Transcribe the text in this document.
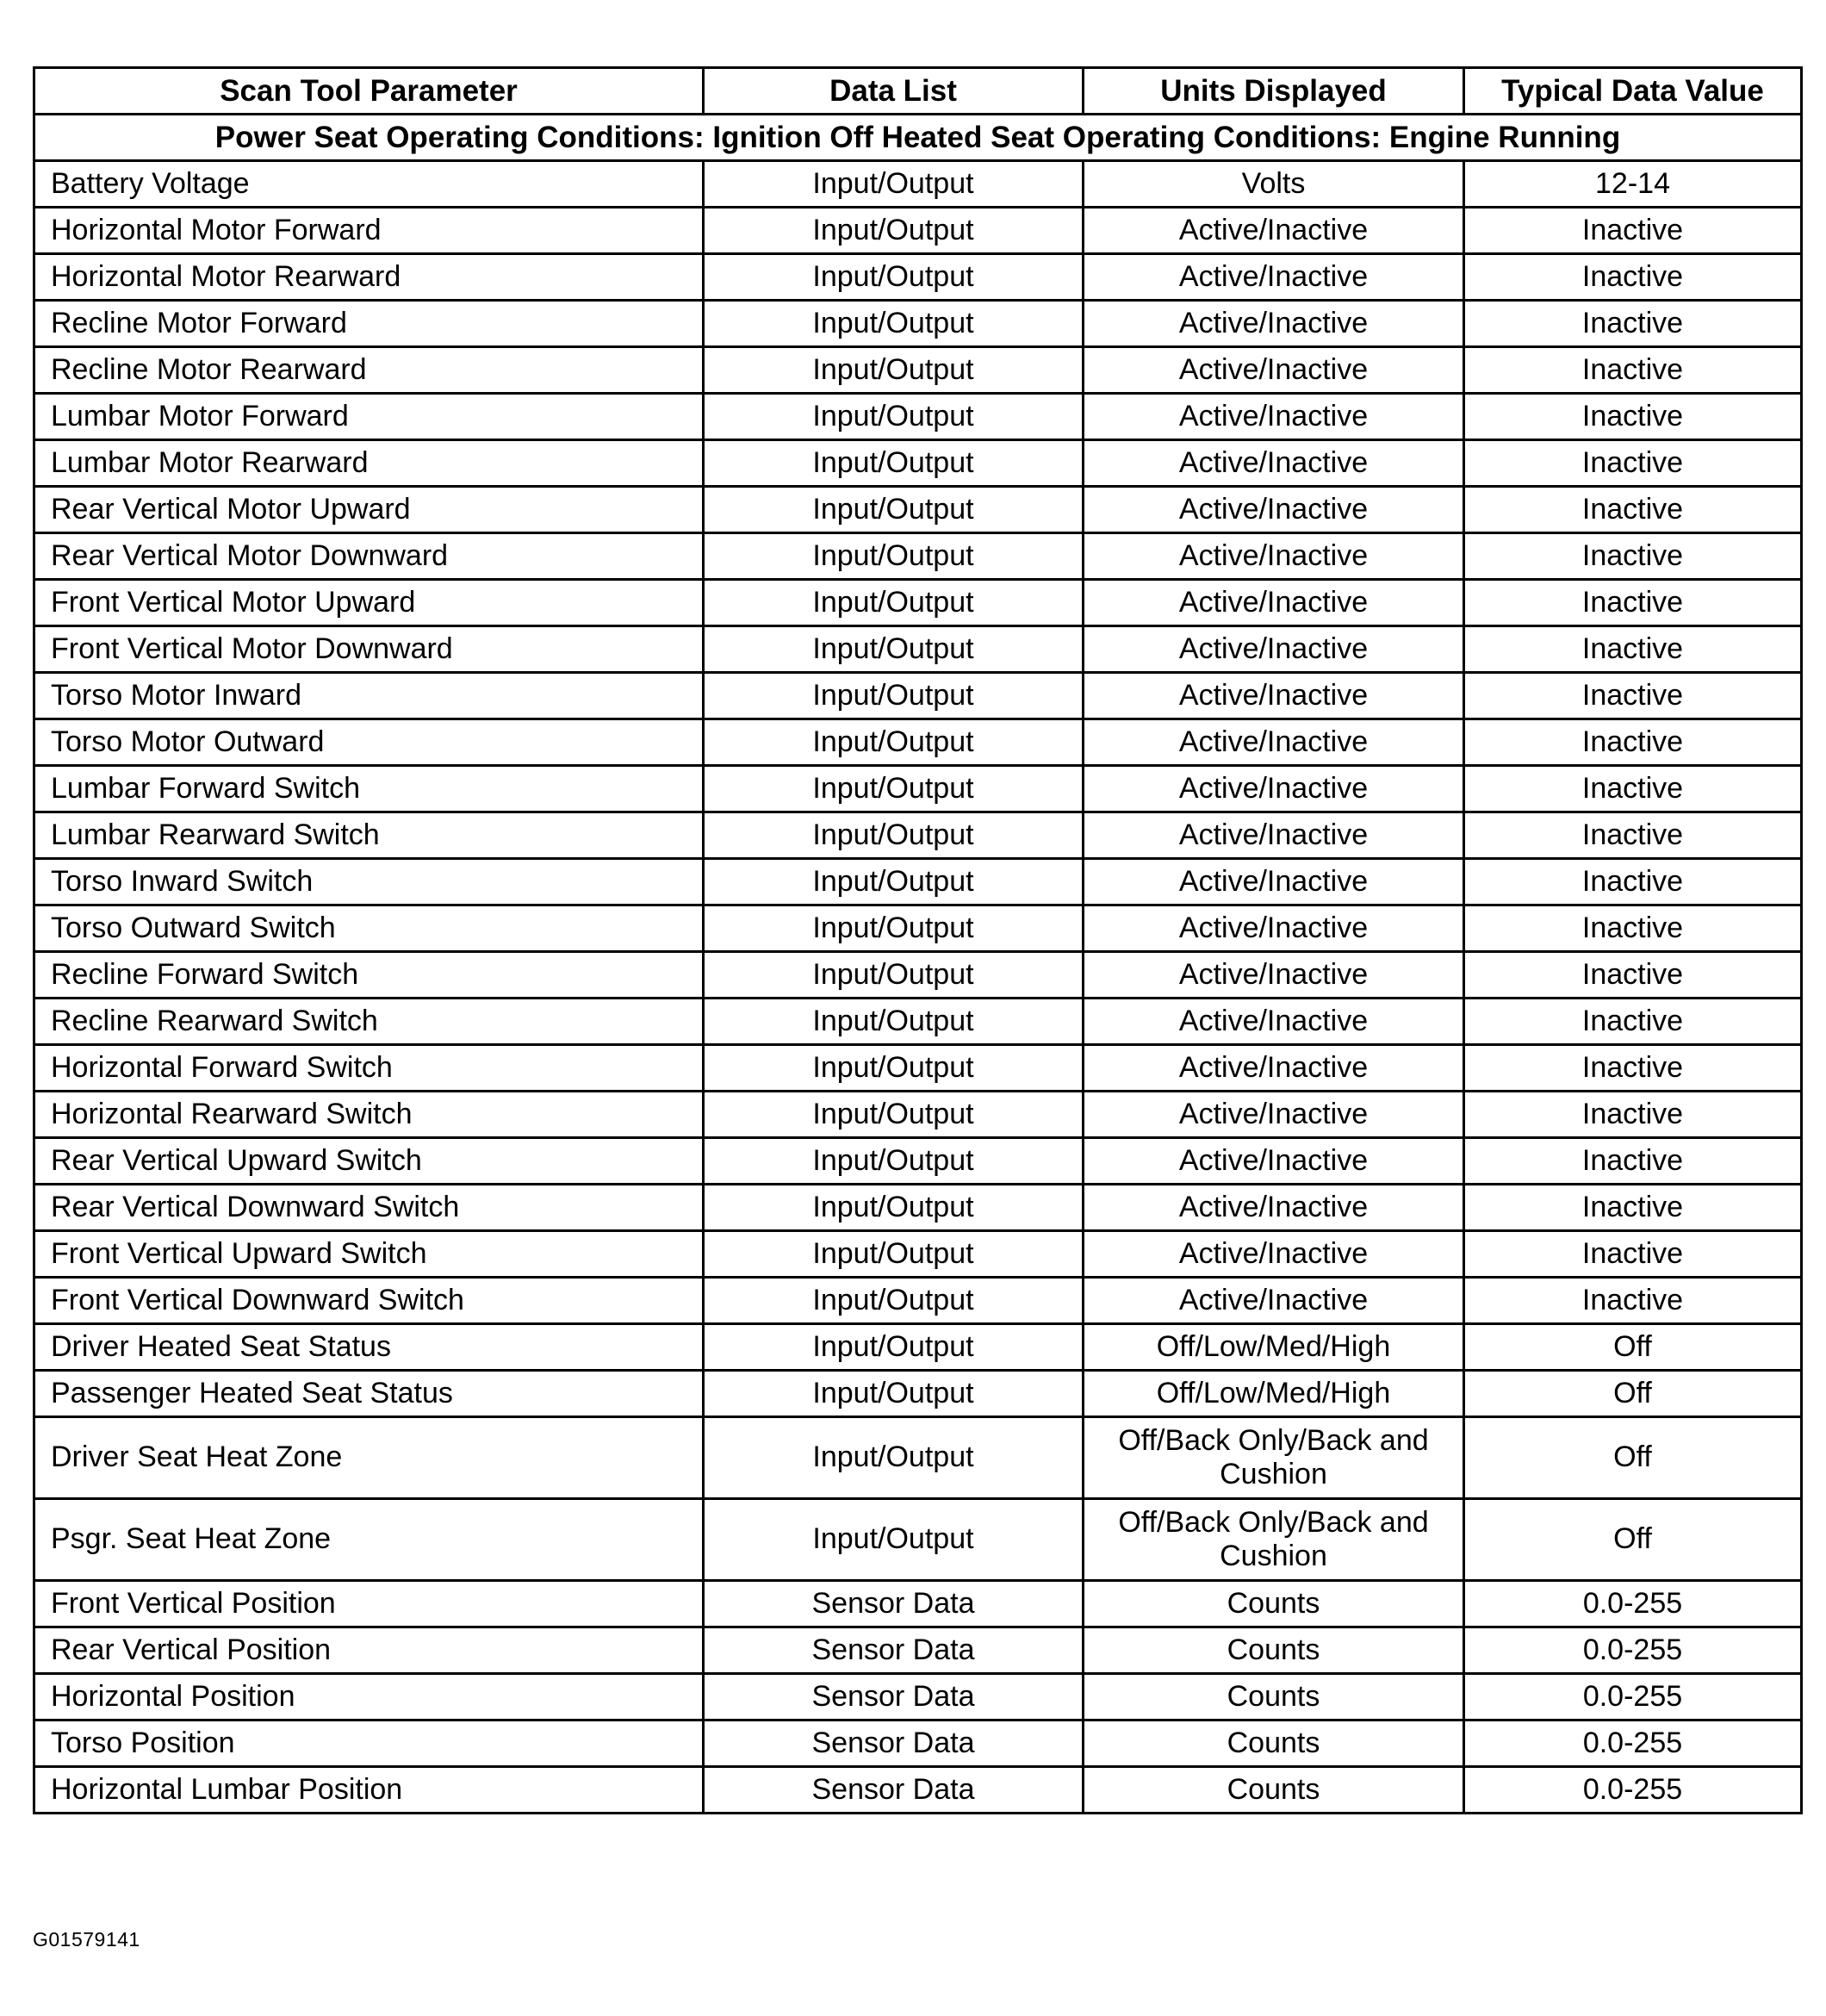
Scan Tool Parameter	Data List	Units Displayed	Typical Data Value
Power Seat Operating Conditions: Ignition Off Heated Seat Operating Conditions: Engine Running			
Battery Voltage	Input/Output	Volts	12-14
Horizontal Motor Forward	Input/Output	Active/Inactive	Inactive
Horizontal Motor Rearward	Input/Output	Active/Inactive	Inactive
Recline Motor Forward	Input/Output	Active/Inactive	Inactive
Recline Motor Rearward	Input/Output	Active/Inactive	Inactive
Lumbar Motor Forward	Input/Output	Active/Inactive	Inactive
Lumbar Motor Rearward	Input/Output	Active/Inactive	Inactive
Rear Vertical Motor Upward	Input/Output	Active/Inactive	Inactive
Rear Vertical Motor Downward	Input/Output	Active/Inactive	Inactive
Front Vertical Motor Upward	Input/Output	Active/Inactive	Inactive
Front Vertical Motor Downward	Input/Output	Active/Inactive	Inactive
Torso Motor Inward	Input/Output	Active/Inactive	Inactive
Torso Motor Outward	Input/Output	Active/Inactive	Inactive
Lumbar Forward Switch	Input/Output	Active/Inactive	Inactive
Lumbar Rearward Switch	Input/Output	Active/Inactive	Inactive
Torso Inward Switch	Input/Output	Active/Inactive	Inactive
Torso Outward Switch	Input/Output	Active/Inactive	Inactive
Recline Forward Switch	Input/Output	Active/Inactive	Inactive
Recline Rearward Switch	Input/Output	Active/Inactive	Inactive
Horizontal Forward Switch	Input/Output	Active/Inactive	Inactive
Horizontal Rearward Switch	Input/Output	Active/Inactive	Inactive
Rear Vertical Upward Switch	Input/Output	Active/Inactive	Inactive
Rear Vertical Downward Switch	Input/Output	Active/Inactive	Inactive
Front Vertical Upward Switch	Input/Output	Active/Inactive	Inactive
Front Vertical Downward Switch	Input/Output	Active/Inactive	Inactive
Driver Heated Seat Status	Input/Output	Off/Low/Med/High	Off
Passenger Heated Seat Status	Input/Output	Off/Low/Med/High	Off
Driver Seat Heat Zone	Input/Output	Off/Back Only/Back and Cushion	Off
Psgr. Seat Heat Zone	Input/Output	Off/Back Only/Back and Cushion	Off
Front Vertical Position	Sensor Data	Counts	0.0-255
Rear Vertical Position	Sensor Data	Counts	0.0-255
Horizontal Position	Sensor Data	Counts	0.0-255
Torso Position	Sensor Data	Counts	0.0-255
Horizontal Lumbar Position	Sensor Data	Counts	0.0-255
G01579141
